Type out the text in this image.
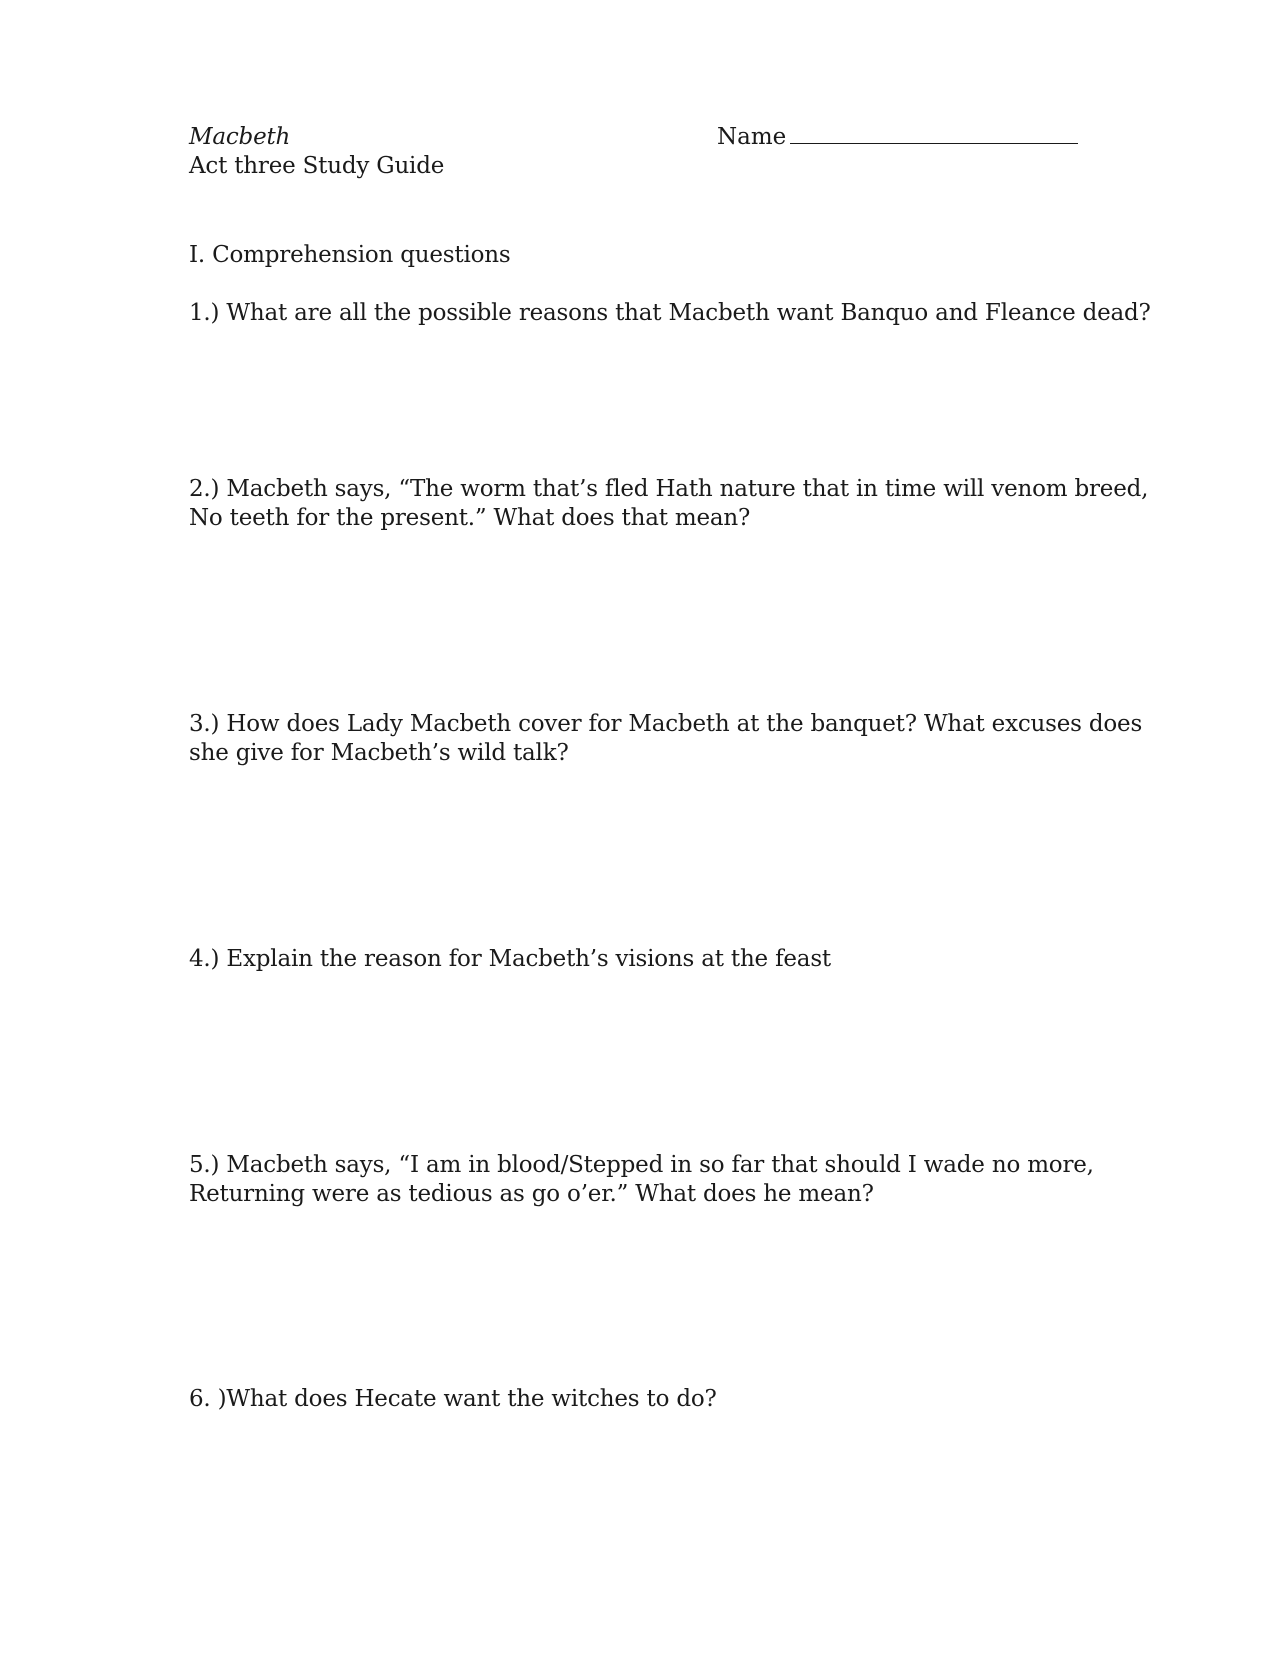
Macbeth
Act three Study Guide
Name
I. Comprehension questions
1.) What are all the possible reasons that Macbeth want Banquo and Fleance dead?
2.) Macbeth says, “The worm that’s fled Hath nature that in time will venom breed,
No teeth for the present.” What does that mean?
3.) How does Lady Macbeth cover for Macbeth at the banquet? What excuses does
she give for Macbeth’s wild talk?
4.) Explain the reason for Macbeth’s visions at the feast
5.) Macbeth says, “I am in blood/Stepped in so far that should I wade no more,
Returning were as tedious as go o’er.” What does he mean?
6. )What does Hecate want the witches to do?
